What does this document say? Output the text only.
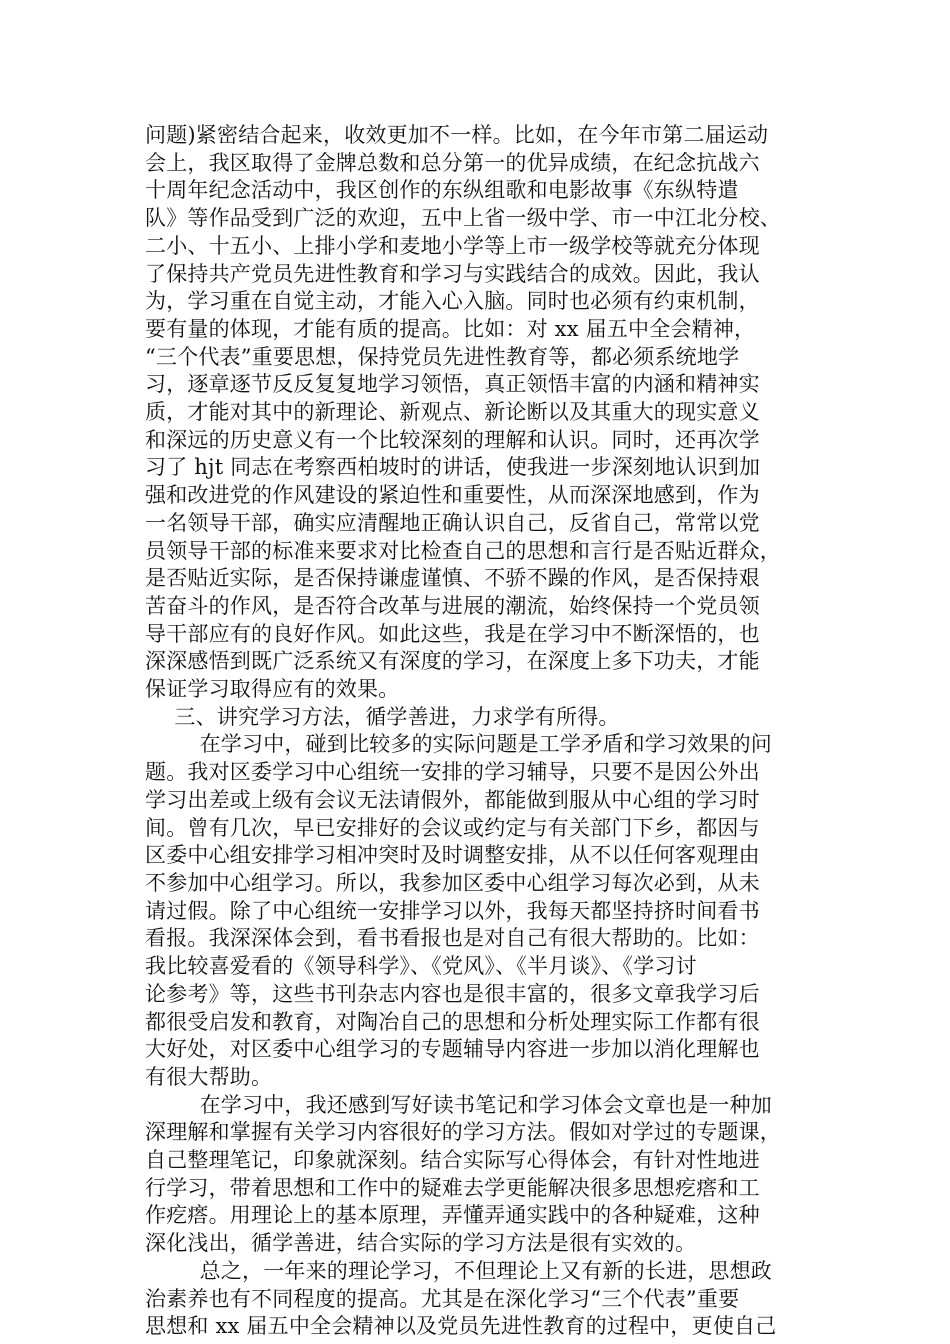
问题)紧密结合起来，收效更加不一样。比如，在今年市第二届运动
会上，我区取得了金牌总数和总分第一的优异成绩，在纪念抗战六
十周年纪念活动中，我区创作的东纵组歌和电影故事《东纵特遣
队》等作品受到广泛的欢迎，五中上省一级中学、市一中江北分校、
二小、十五小、上排小学和麦地小学等上市一级学校等就充分体现
了保持共产党员先进性教育和学习与实践结合的成效。因此，我认
为，学习重在自觉主动，才能入心入脑。同时也必须有约束机制，
要有量的体现，才能有质的提高。比如：对 xx 届五中全会精神，
“三个代表”重要思想，保持党员先进性教育等，都必须系统地学
习，逐章逐节反反复复地学习领悟，真正领悟丰富的内涵和精神实
质，才能对其中的新理论、新观点、新论断以及其重大的现实意义
和深远的历史意义有一个比较深刻的理解和认识。同时，还再次学
习了 hjt 同志在考察西柏坡时的讲话，使我进一步深刻地认识到加
强和改进党的作风建设的紧迫性和重要性，从而深深地感到，作为
一名领导干部，确实应清醒地正确认识自己，反省自己，常常以党
员领导干部的标准来要求对比检查自己的思想和言行是否贴近群众，
是否贴近实际，是否保持谦虚谨慎、不骄不躁的作风，是否保持艰
苦奋斗的作风，是否符合改革与进展的潮流，始终保持一个党员领
导干部应有的良好作风。如此这些，我是在学习中不断深悟的，也
深深感悟到既广泛系统又有深度的学习，在深度上多下功夫，才能
保证学习取得应有的效果。
三、讲究学习方法，循学善进，力求学有所得。
在学习中，碰到比较多的实际问题是工学矛盾和学习效果的问
题。我对区委学习中心组统一安排的学习辅导，只要不是因公外出
学习出差或上级有会议无法请假外，都能做到服从中心组的学习时
间。曾有几次，早已安排好的会议或约定与有关部门下乡，都因与
区委中心组安排学习相冲突时及时调整安排，从不以任何客观理由
不参加中心组学习。所以，我参加区委中心组学习每次必到，从未
请过假。除了中心组统一安排学习以外，我每天都坚持挤时间看书
看报。我深深体会到，看书看报也是对自己有很大帮助的。比如：
我比较喜爱看的《领导科学》、《党风》、《半月谈》、《学习讨
论参考》等，这些书刊杂志内容也是很丰富的，很多文章我学习后
都很受启发和教育，对陶冶自己的思想和分析处理实际工作都有很
大好处，对区委中心组学习的专题辅导内容进一步加以消化理解也
有很大帮助。
在学习中，我还感到写好读书笔记和学习体会文章也是一种加
深理解和掌握有关学习内容很好的学习方法。假如对学过的专题课，
自己整理笔记，印象就深刻。结合实际写心得体会，有针对性地进
行学习，带着思想和工作中的疑难去学更能解决很多思想疙瘩和工
作疙瘩。用理论上的基本原理，弄懂弄通实践中的各种疑难，这种
深化浅出，循学善进，结合实际的学习方法是很有实效的。
总之，一年来的理论学习，不但理论上又有新的长进，思想政
治素养也有不同程度的提高。尤其是在深化学习“三个代表”重要
思想和 xx 届五中全会精神以及党员先进性教育的过程中，更使自己
